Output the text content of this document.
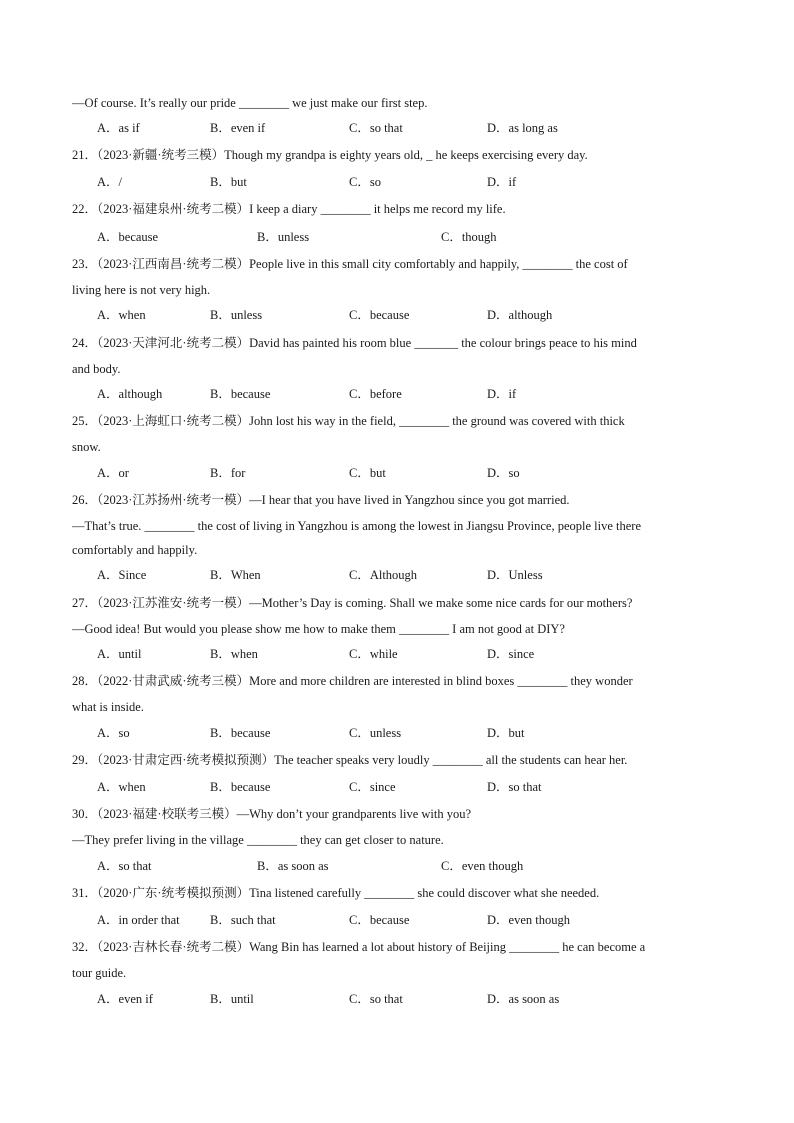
—Of course. It’s really our pride ________ we just make our first step.
A．as if	B．even if	C．so that	D．as long as
21．（2023·新疆·统考三模）Though my grandpa is eighty years old, _ he keeps exercising every day.
A．/	B．but	C．so	D．if
22．（2023·福建泉州·统考二模）I keep a diary ________ it helps me record my life.
A．because	B．unless	C．though
23．（2023·江西南昌·统考二模）People live in this small city comfortably and happily, ________ the cost of
living here is not very high.
A．when	B．unless	C．because	D．although
24．（2023·天津河北·统考二模）David has painted his room blue _______ the colour brings peace to his mind
and body.
A．although	B．because	C．before	D．if
25．（2023·上海虹口·统考二模）John lost his way in the field, ________ the ground was covered with thick
snow.
A．or	B．for	C．but	D．so
26．（2023·江苏扬州·统考一模）—I hear that you have lived in Yangzhou since you got married.
—That’s true. ________ the cost of living in Yangzhou is among the lowest in Jiangsu Province, people live there
comfortably and happily.
A．Since	B．When	C．Although	D．Unless
27．（2023·江苏淮安·统考一模）—Mother’s Day is coming. Shall we make some nice cards for our mothers?
—Good idea! But would you please show me how to make them ________ I am not good at DIY?
A．until	B．when	C．while	D．since
28．（2022·甘肃武威·统考三模）More and more children are interested in blind boxes ________ they wonder
what is inside.
A．so	B．because	C．unless	D．but
29．（2023·甘肃定西·统考模拟预测）The teacher speaks very loudly ________ all the students can hear her.
A．when	B．because	C．since	D．so that
30．（2023·福建·校联考三模）—Why don’t your grandparents live with you?
—They prefer living in the village ________ they can get closer to nature.
A．so that	B．as soon as	C．even though
31．（2020·广东·统考模拟预测）Tina listened carefully ________ she could discover what she needed.
A．in order that B．such that	C．because	D．even though
32．（2023·吉林长春·统考二模）Wang Bin has learned a lot about history of Beijing ________ he can become a
tour guide.
A．even if	B．until	C．so that	D．as soon as
